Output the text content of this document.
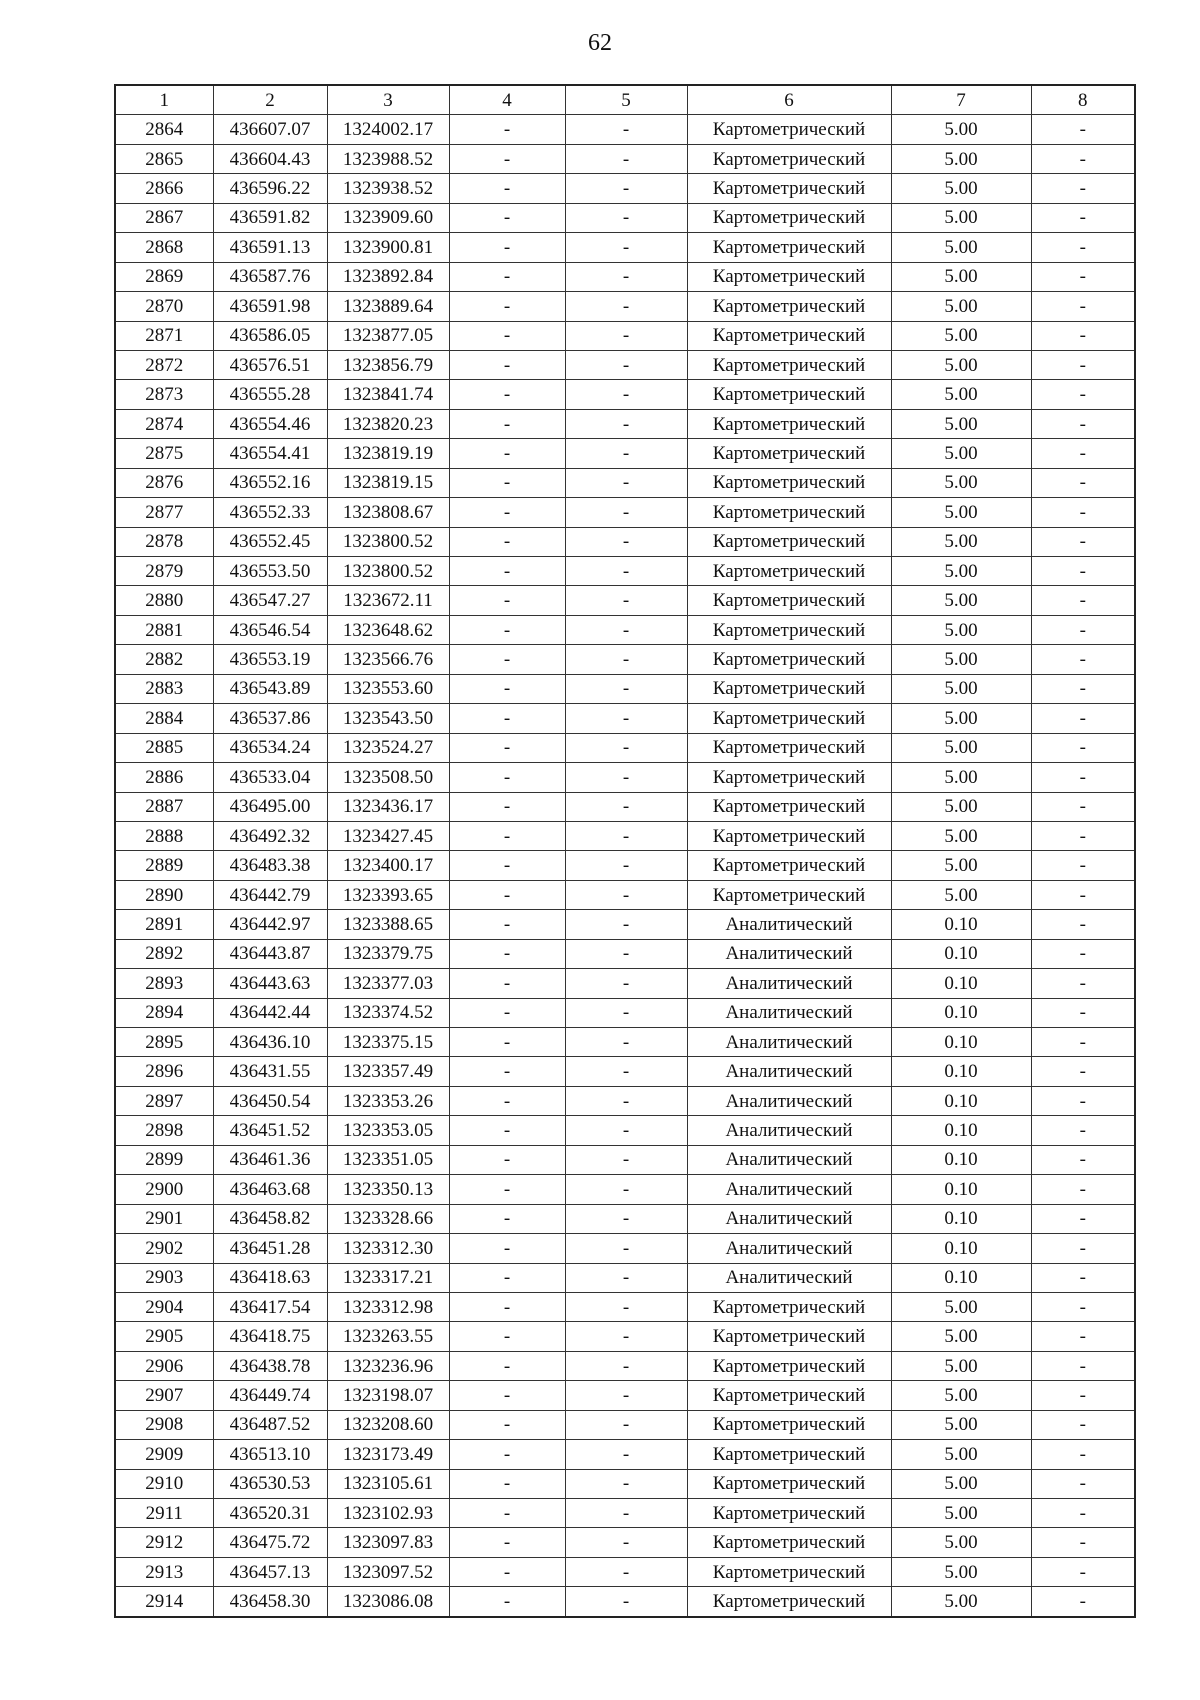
62
1	2	3	4	5	6	7	8
2864	436607.07	1324002.17	-	-	Картометрический	5.00	-
2865	436604.43	1323988.52	-	-	Картометрический	5.00	-
2866	436596.22	1323938.52	-	-	Картометрический	5.00	-
2867	436591.82	1323909.60	-	-	Картометрический	5.00	-
2868	436591.13	1323900.81	-	-	Картометрический	5.00	-
2869	436587.76	1323892.84	-	-	Картометрический	5.00	-
2870	436591.98	1323889.64	-	-	Картометрический	5.00	-
2871	436586.05	1323877.05	-	-	Картометрический	5.00	-
2872	436576.51	1323856.79	-	-	Картометрический	5.00	-
2873	436555.28	1323841.74	-	-	Картометрический	5.00	-
2874	436554.46	1323820.23	-	-	Картометрический	5.00	-
2875	436554.41	1323819.19	-	-	Картометрический	5.00	-
2876	436552.16	1323819.15	-	-	Картометрический	5.00	-
2877	436552.33	1323808.67	-	-	Картометрический	5.00	-
2878	436552.45	1323800.52	-	-	Картометрический	5.00	-
2879	436553.50	1323800.52	-	-	Картометрический	5.00	-
2880	436547.27	1323672.11	-	-	Картометрический	5.00	-
2881	436546.54	1323648.62	-	-	Картометрический	5.00	-
2882	436553.19	1323566.76	-	-	Картометрический	5.00	-
2883	436543.89	1323553.60	-	-	Картометрический	5.00	-
2884	436537.86	1323543.50	-	-	Картометрический	5.00	-
2885	436534.24	1323524.27	-	-	Картометрический	5.00	-
2886	436533.04	1323508.50	-	-	Картометрический	5.00	-
2887	436495.00	1323436.17	-	-	Картометрический	5.00	-
2888	436492.32	1323427.45	-	-	Картометрический	5.00	-
2889	436483.38	1323400.17	-	-	Картометрический	5.00	-
2890	436442.79	1323393.65	-	-	Картометрический	5.00	-
2891	436442.97	1323388.65	-	-	Аналитический	0.10	-
2892	436443.87	1323379.75	-	-	Аналитический	0.10	-
2893	436443.63	1323377.03	-	-	Аналитический	0.10	-
2894	436442.44	1323374.52	-	-	Аналитический	0.10	-
2895	436436.10	1323375.15	-	-	Аналитический	0.10	-
2896	436431.55	1323357.49	-	-	Аналитический	0.10	-
2897	436450.54	1323353.26	-	-	Аналитический	0.10	-
2898	436451.52	1323353.05	-	-	Аналитический	0.10	-
2899	436461.36	1323351.05	-	-	Аналитический	0.10	-
2900	436463.68	1323350.13	-	-	Аналитический	0.10	-
2901	436458.82	1323328.66	-	-	Аналитический	0.10	-
2902	436451.28	1323312.30	-	-	Аналитический	0.10	-
2903	436418.63	1323317.21	-	-	Аналитический	0.10	-
2904	436417.54	1323312.98	-	-	Картометрический	5.00	-
2905	436418.75	1323263.55	-	-	Картометрический	5.00	-
2906	436438.78	1323236.96	-	-	Картометрический	5.00	-
2907	436449.74	1323198.07	-	-	Картометрический	5.00	-
2908	436487.52	1323208.60	-	-	Картометрический	5.00	-
2909	436513.10	1323173.49	-	-	Картометрический	5.00	-
2910	436530.53	1323105.61	-	-	Картометрический	5.00	-
2911	436520.31	1323102.93	-	-	Картометрический	5.00	-
2912	436475.72	1323097.83	-	-	Картометрический	5.00	-
2913	436457.13	1323097.52	-	-	Картометрический	5.00	-
2914	436458.30	1323086.08	-	-	Картометрический	5.00	-
